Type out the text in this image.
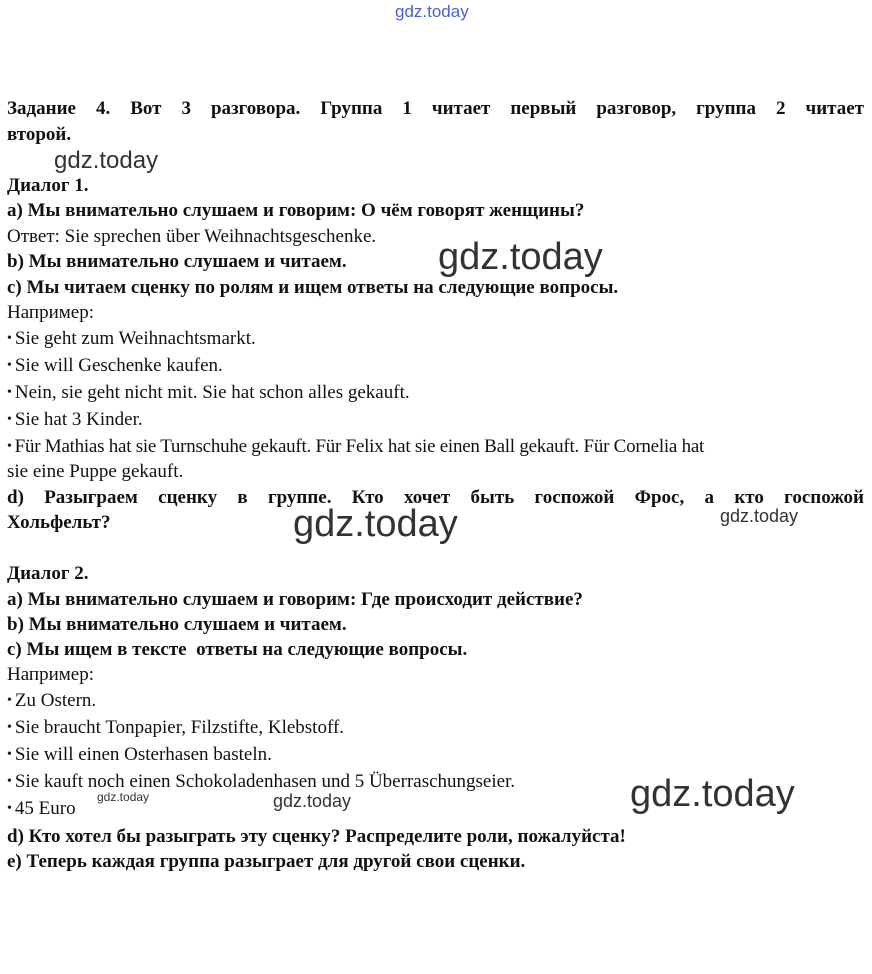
gdz.today
Задание 4. Вот 3 разговора. Группа 1 читает первый разговор, группа 2 читает
второй.
gdz.today
Диалог 1.
a) Мы внимательно слушаем и говорим: О чём говорят женщины?
Ответ: Sie sprechen über Weihnachtsgeschenke.
b) Мы внимательно слушаем и читаем.
c) Мы читаем сценку по ролям и ищем ответы на следующие вопросы.
Например:
gdz.today
• Sie geht zum Weihnachtsmarkt.
• Sie will Geschenke kaufen.
• Nein, sie geht nicht mit. Sie hat schon alles gekauft.
• Sie hat 3 Kinder.
• Für Mathias hat sie Turnschuhe gekauft. Für Felix hat sie einen Ball gekauft. Für Cornelia hat
sie eine Puppe gekauft.
d) Разыграем сценку в группе. Кто хочет быть госпожой Фрос, а кто госпожой
Хольфельт?	gdz.today	gdz.today
Диалог 2.
a) Мы внимательно слушаем и говорим: Где происходит действие?
b) Мы внимательно слушаем и читаем.
c) Мы ищем в тексте  ответы на следующие вопросы.
Например:
• Zu Ostern.
• Sie braucht Tonpapier, Filzstifte, Klebstoff.
• Sie will einen Osterhasen basteln.
• Sie kauft noch einen Schokoladenhasen und 5 Überraschungseier.
• 45 Euro
gdz.today	gdz.today	gdz.today
d) Кто хотел бы разыграть эту сценку? Распределите роли, пожалуйста!
e) Теперь каждая группа разыграет для другой свои сценки.
